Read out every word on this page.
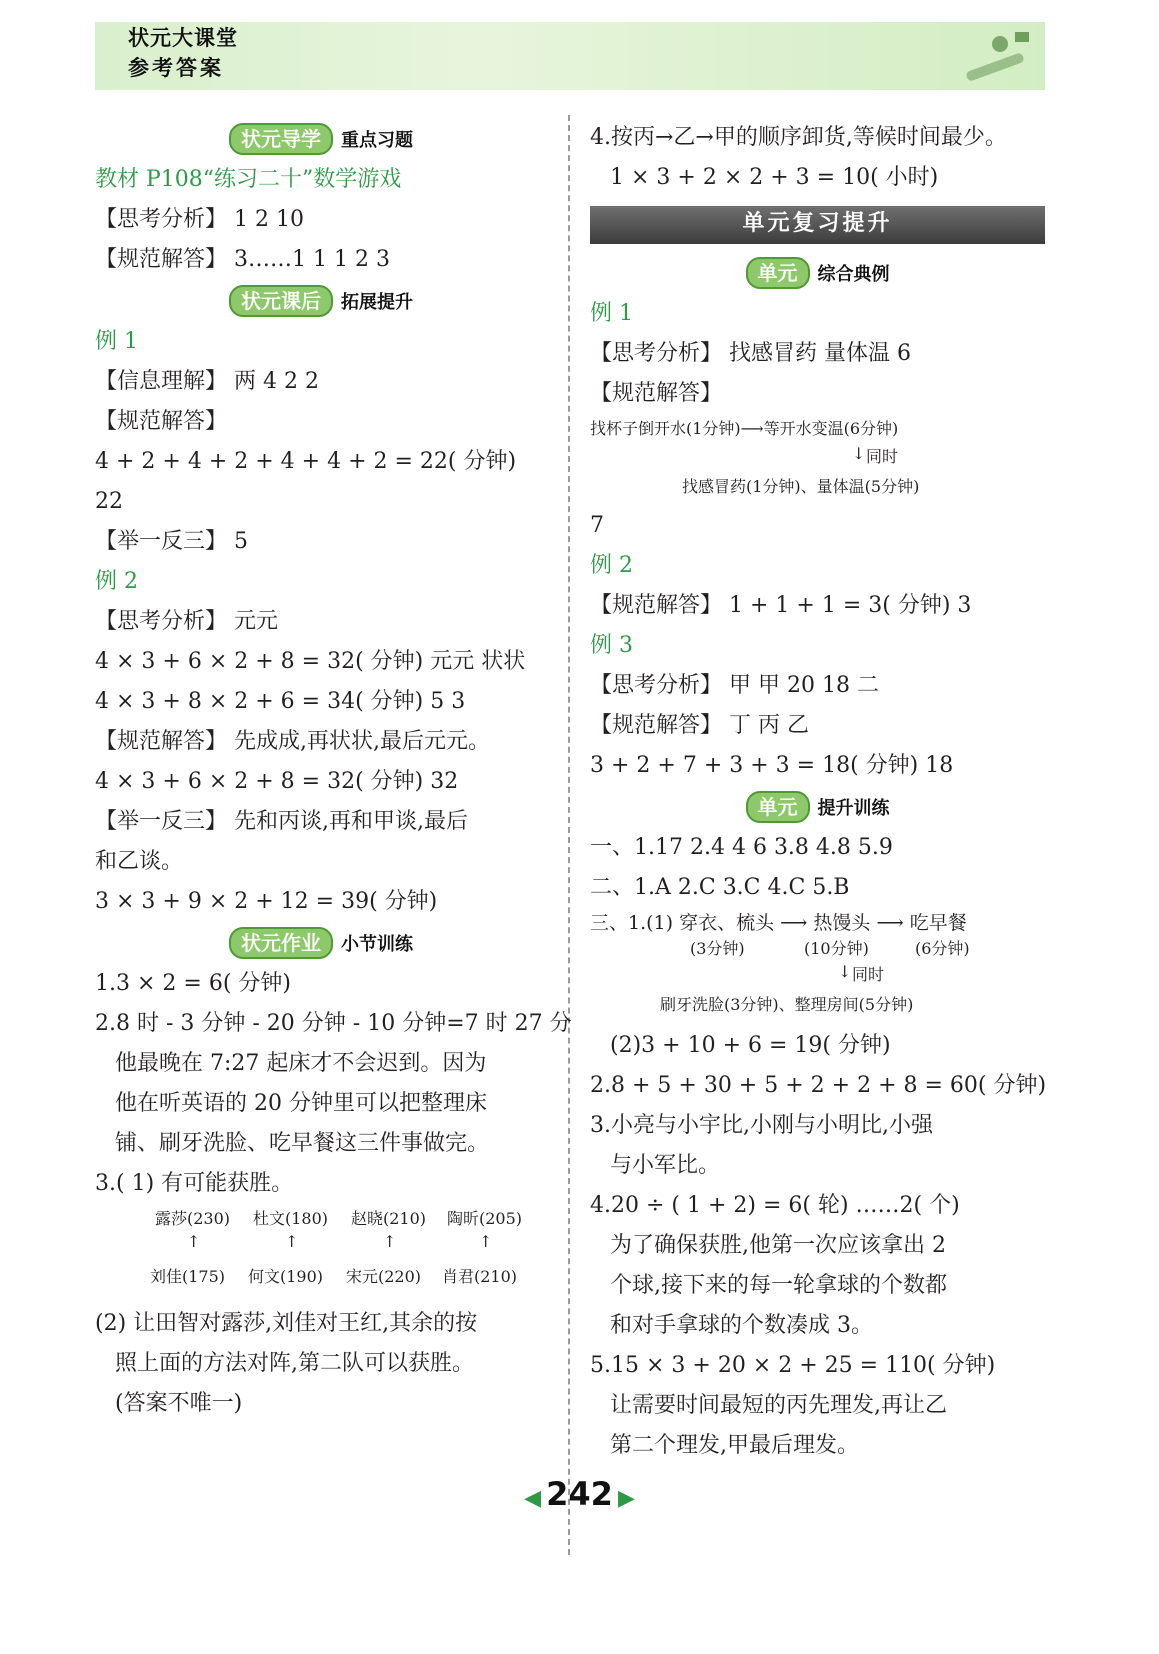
状元大课堂
参考答案
状元导学	重点习题
教材 P108“练习二十”数学游戏
【思考分析】 1 2 10
【规范解答】 3……1 1 1 2 3
状元课后	拓展提升
例 1
【信息理解】 两 4 2 2
【规范解答】
4 + 2 + 4 + 2 + 4 + 4 + 2 = 22( 分钟)
22
【举一反三】 5
例 2
【思考分析】 元元
4 × 3 + 6 × 2 + 8 = 32( 分钟) 元元 状状
4 × 3 + 8 × 2 + 6 = 34( 分钟) 5 3
【规范解答】 先成成,再状状,最后元元。
4 × 3 + 6 × 2 + 8 = 32( 分钟) 32
【举一反三】 先和丙谈,再和甲谈,最后
和乙谈。
3 × 3 + 9 × 2 + 12 = 39( 分钟)
状元作业	小节训练
1.3 × 2 = 6( 分钟)
2.8 时 - 3 分钟 - 20 分钟 - 10 分钟=7 时 27 分
他最晚在 7:27 起床才不会迟到。因为
他在听英语的 20 分钟里可以把整理床
铺、刷牙洗脸、吃早餐这三件事做完。
3.( 1) 有可能获胜。
露莎(230) 杜文(180) 赵晓(210) 陶昕(205)
↑	↑	↑	↑
刘佳(175) 何文(190) 宋元(220) 肖君(210)
(2) 让田智对露莎,刘佳对王红,其余的按
照上面的方法对阵,第二队可以获胜。
(答案不唯一)
4.按丙→乙→甲的顺序卸货,等候时间最少。
1 × 3 + 2 × 2 + 3 = 10( 小时)
单元复习提升
单元	综合典例
例 1
【思考分析】 找感冒药 量体温 6
【规范解答】
找杯子倒开水(1分钟)⟶等开水变温(6分钟)
↓ 同时
找感冒药(1分钟)、量体温(5分钟)
7
例 2
【规范解答】 1 + 1 + 1 = 3( 分钟) 3
例 3
【思考分析】 甲 甲 20 18 二
【规范解答】 丁 丙 乙
3 + 2 + 7 + 3 + 3 = 18( 分钟) 18
单元	提升训练
一、1.17 2.4 4 6 3.8 4.8 5.9
二、1.A 2.C 3.C 4.C 5.B
三、1.(1) 穿衣、梳头 ⟶ 热馒头 ⟶ 吃早餐
(3分钟)	(10分钟)	(6分钟)
↓ 同时
刷牙洗脸(3分钟)、整理房间(5分钟)
(2)3 + 10 + 6 = 19( 分钟)
2.8 + 5 + 30 + 5 + 2 + 2 + 8 = 60( 分钟)
3.小亮与小宇比,小刚与小明比,小强
与小军比。
4.20 ÷ ( 1 + 2) = 6( 轮) ……2( 个)
为了确保获胜,他第一次应该拿出 2
个球,接下来的每一轮拿球的个数都
和对手拿球的个数凑成 3。
5.15 × 3 + 20 × 2 + 25 = 110( 分钟)
让需要时间最短的丙先理发,再让乙
第二个理发,甲最后理发。
◀ 242 ▶
